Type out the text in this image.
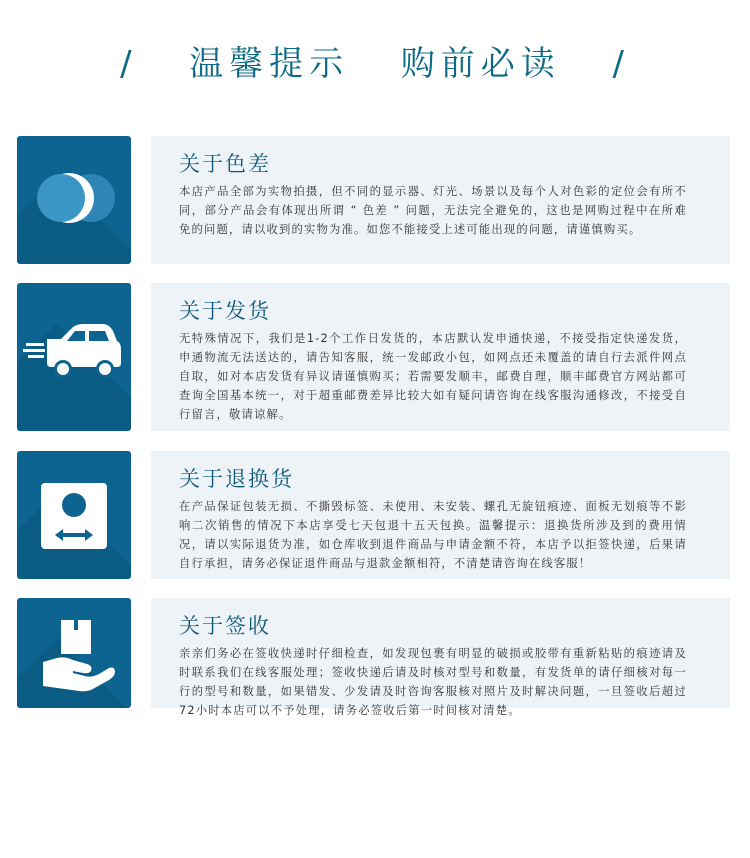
/ 温馨提示 购前必读 /
关于色差

本店产品全部为实物拍摄，但不同的显示器、灯光、场景以及每个人对色彩的定位会有所不同，部分产品会有体现出所谓 “ 色差 ” 问题，无法完全避免的，这也是网购过程中在所难免的问题，请以收到的实物为准。如您不能接受上述可能出现的问题，请谨慎购买。

关于发货

无特殊情况下，我们是1-2个工作日发货的，本店默认发申通快递，不接受指定快递发货，申通物流无法送达的，请告知客服，统一发邮政小包，如网点还未覆盖的请自行去派件网点自取，如对本店发货有异议请谨慎购买；若需要发顺丰，邮费自理，顺丰邮费官方网站都可查询全国基本统一，对于超重邮费差异比较大如有疑问请咨询在线客服沟通修改，不接受自行留言，敬请谅解。

关于退换货

在产品保证包装无损、不撕毁标签、未使用、未安装、螺孔无旋钮痕迹、面板无划痕等不影响二次销售的情况下本店享受七天包退十五天包换。温馨提示：退换货所涉及到的费用情况，请以实际退货为准，如仓库收到退件商品与申请金额不符，本店予以拒签快递，后果请自行承担，请务必保证退件商品与退款金额相符，不清楚请咨询在线客服！

关于签收

亲亲们务必在签收快递时仔细检查，如发现包裹有明显的破损或胶带有重新粘贴的痕迹请及时联系我们在线客服处理；签收快递后请及时核对型号和数量，有发货单的请仔细核对每一行的型号和数量，如果错发、少发请及时咨询客服核对照片及时解决问题，一旦签收后超过72小时本店可以不予处理，请务必签收后第一时间核对清楚。
